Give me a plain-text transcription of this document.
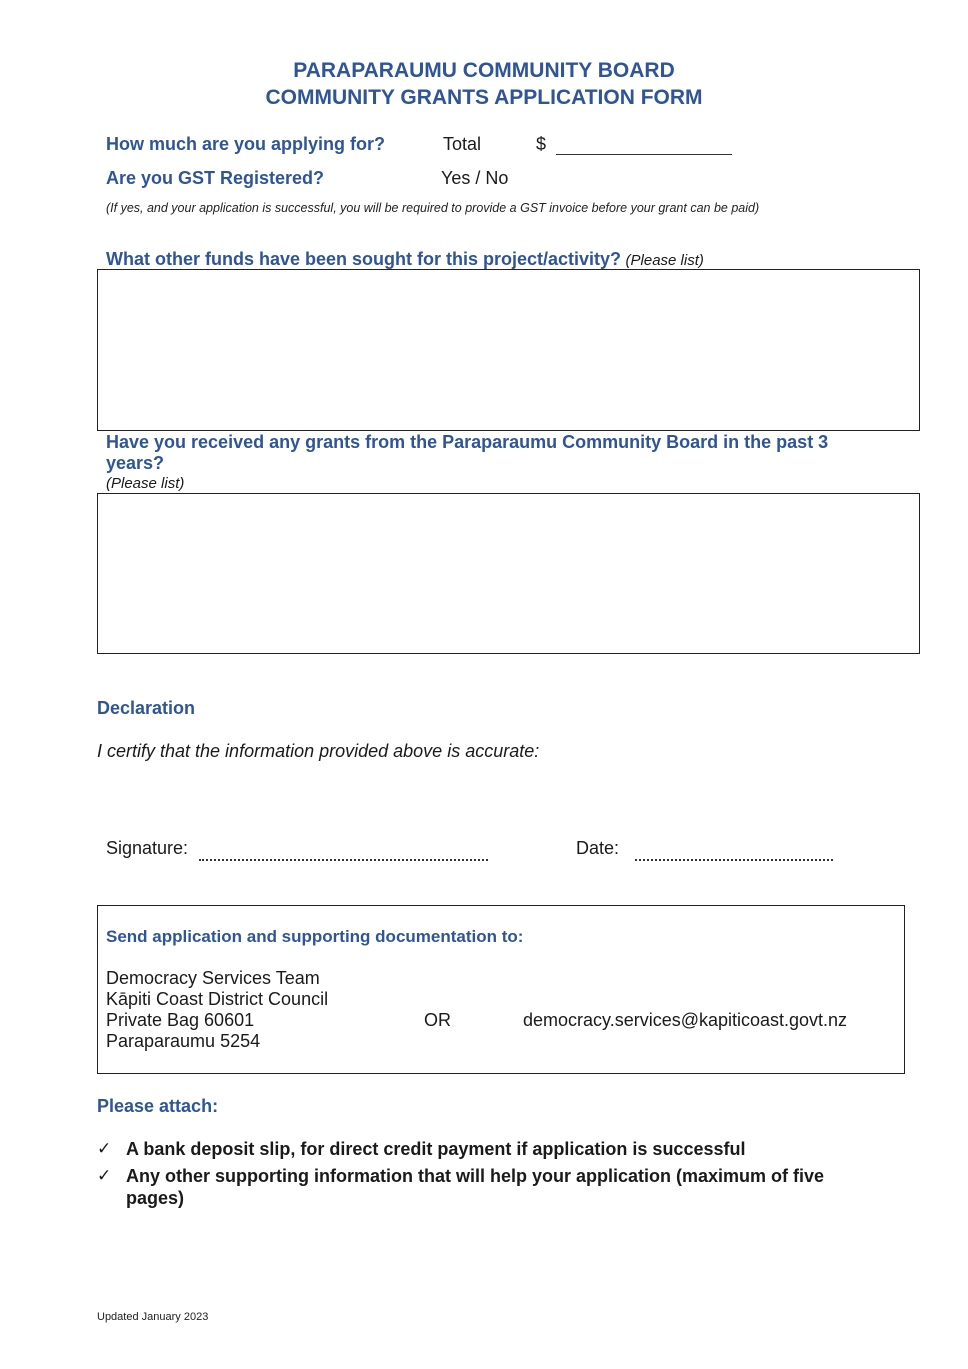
PARAPARAUMU COMMUNITY BOARD
COMMUNITY GRANTS APPLICATION FORM
How much are you applying for?	Total	$
Are you GST Registered?	Yes / No
(If yes, and your application is successful, you will be required to provide a GST invoice before your grant can be paid)
What other funds have been sought for this project/activity? (Please list)
Have you received any grants from the Paraparaumu Community Board in the past 3 years?
(Please list)
Declaration
I certify that the information provided above is accurate:
Signature:	Date:
Send application and supporting documentation to:
Democracy Services Team
Kāpiti Coast District Council
Private Bag 60601
Paraparaumu 5254
OR	democracy.services@kapiticoast.govt.nz
Please attach:
✓ A bank deposit slip, for direct credit payment if application is successful
✓ Any other supporting information that will help your application (maximum of five pages)
Updated January 2023
